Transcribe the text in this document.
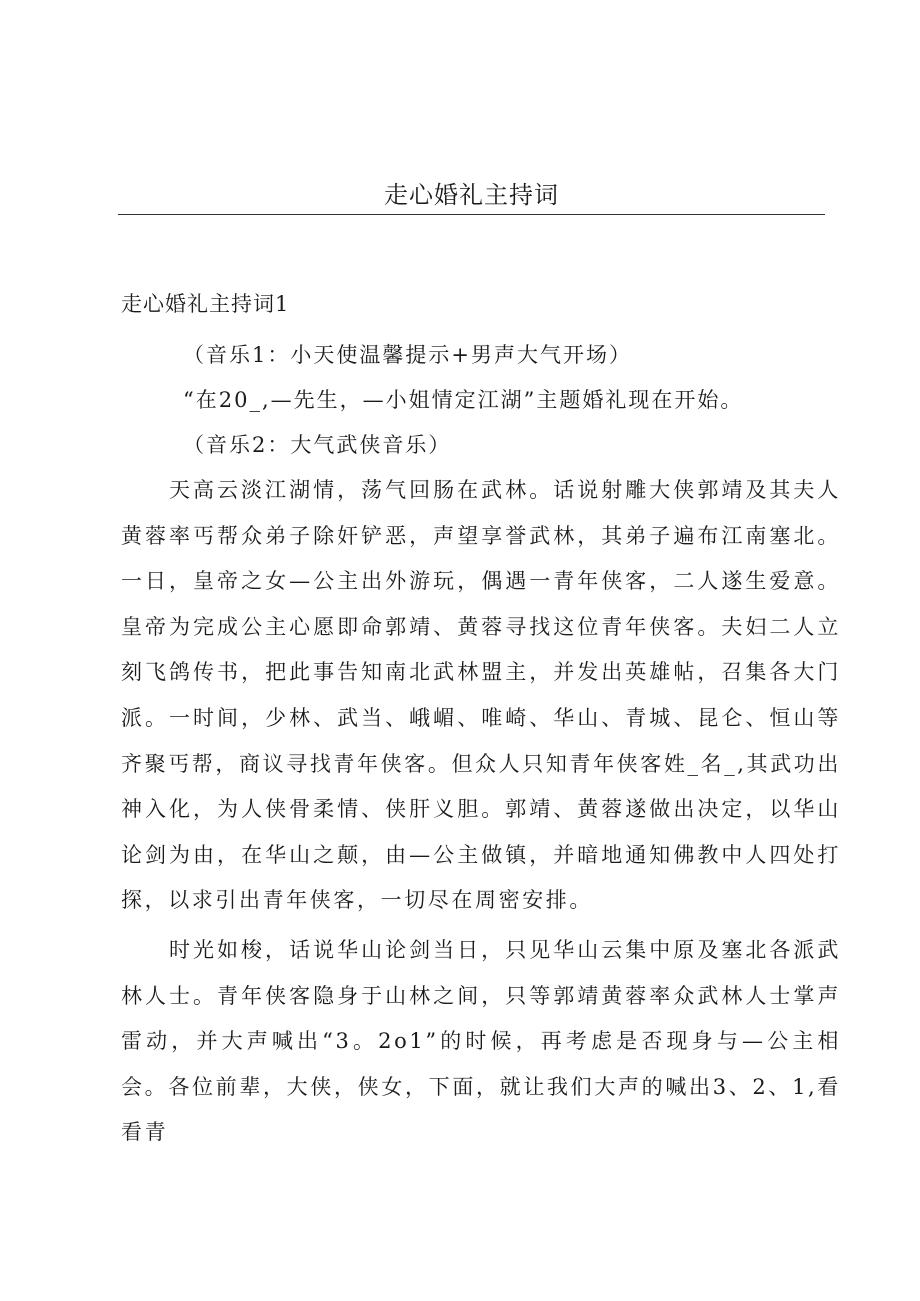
走心婚礼主持词

走心婚礼主持词1

（音乐1：小天使温馨提示+男声大气开场）

“在20_,—先生，—小姐情定江湖”主题婚礼现在开始。

（音乐2：大气武侠音乐）

天高云淡江湖情，荡气回肠在武林。话说射雕大侠郭靖及其夫人黄蓉率丐帮众弟子除奸铲恶，声望享誉武林，其弟子遍布江南塞北。一日，皇帝之女—公主出外游玩，偶遇一青年侠客，二人遂生爱意。皇帝为完成公主心愿即命郭靖、黄蓉寻找这位青年侠客。夫妇二人立刻飞鸽传书，把此事告知南北武林盟主，并发出英雄帖，召集各大门派。一时间，少林、武当、峨嵋、唯崎、华山、青城、昆仑、恒山等齐聚丐帮，商议寻找青年侠客。但众人只知青年侠客姓_名_,其武功出神入化，为人侠骨柔情、侠肝义胆。郭靖、黄蓉遂做出决定，以华山论剑为由，在华山之颠，由—公主做镇，并暗地通知佛教中人四处打探，以求引出青年侠客，一切尽在周密安排。

时光如梭，话说华山论剑当日，只见华山云集中原及塞北各派武林人士。青年侠客隐身于山林之间，只等郭靖黄蓉率众武林人士掌声雷动，并大声喊出“3。2o1”的时候，再考虑是否现身与—公主相会。各位前辈，大侠，侠女，下面，就让我们大声的喊出3、2、1,看看青
